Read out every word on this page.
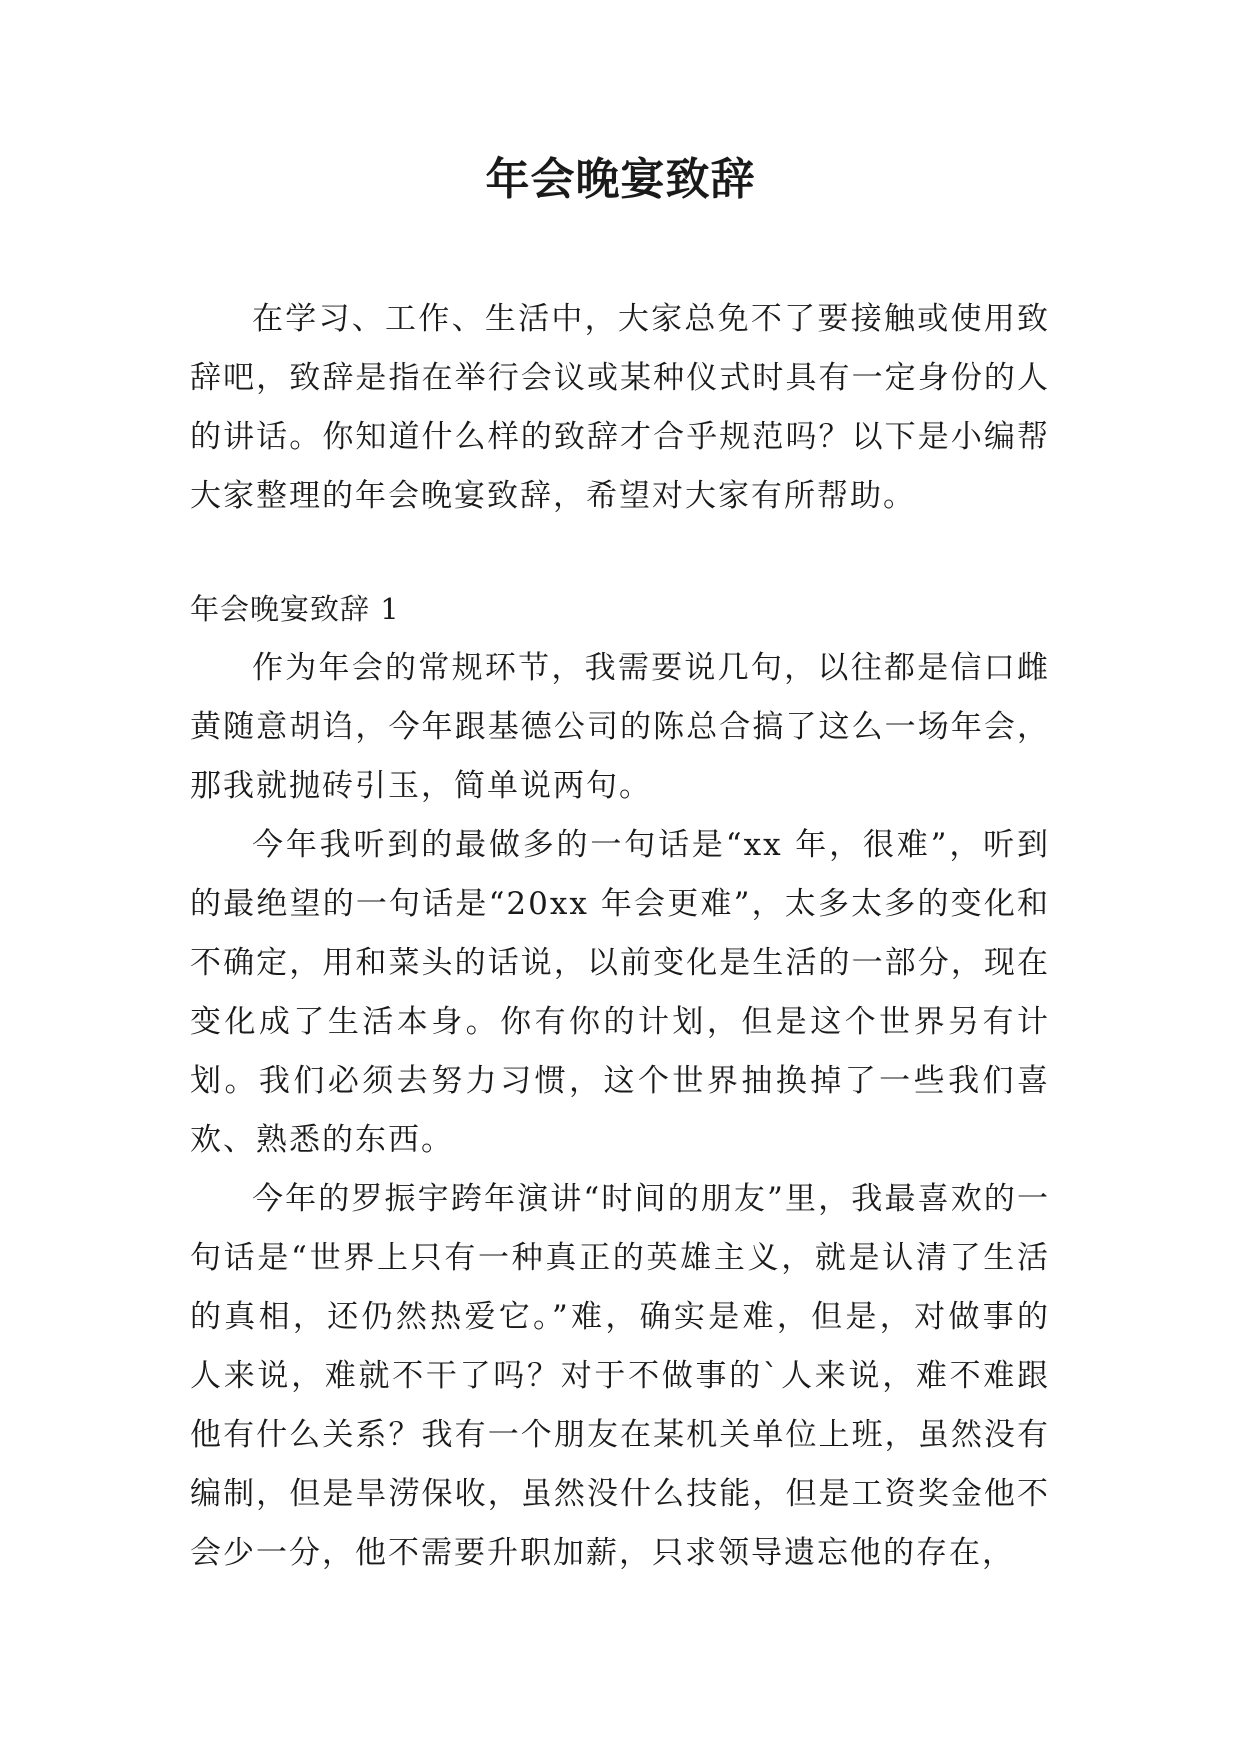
年会晚宴致辞

在学习、工作、生活中，大家总免不了要接触或使用致辞吧，致辞是指在举行会议或某种仪式时具有一定身份的人的讲话。你知道什么样的致辞才合乎规范吗？以下是小编帮大家整理的年会晚宴致辞，希望对大家有所帮助。

年会晚宴致辞 1

作为年会的常规环节，我需要说几句，以往都是信口雌黄随意胡诌，今年跟基德公司的陈总合搞了这么一场年会，那我就抛砖引玉，简单说两句。

今年我听到的最做多的一句话是“xx 年，很难”，听到的最绝望的一句话是“20xx 年会更难”，太多太多的变化和不确定，用和菜头的话说，以前变化是生活的一部分，现在变化成了生活本身。你有你的计划，但是这个世界另有计划。我们必须去努力习惯，这个世界抽换掉了一些我们喜欢、熟悉的东西。

今年的罗振宇跨年演讲“时间的朋友”里，我最喜欢的一句话是“世界上只有一种真正的英雄主义，就是认清了生活的真相，还仍然热爱它。”难，确实是难，但是，对做事的人来说，难就不干了吗？对于不做事的`人来说，难不难跟他有什么关系？我有一个朋友在某机关单位上班，虽然没有编制，但是旱涝保收，虽然没什么技能，但是工资奖金他不会少一分，他不需要升职加薪，只求领导遗忘他的存在，
